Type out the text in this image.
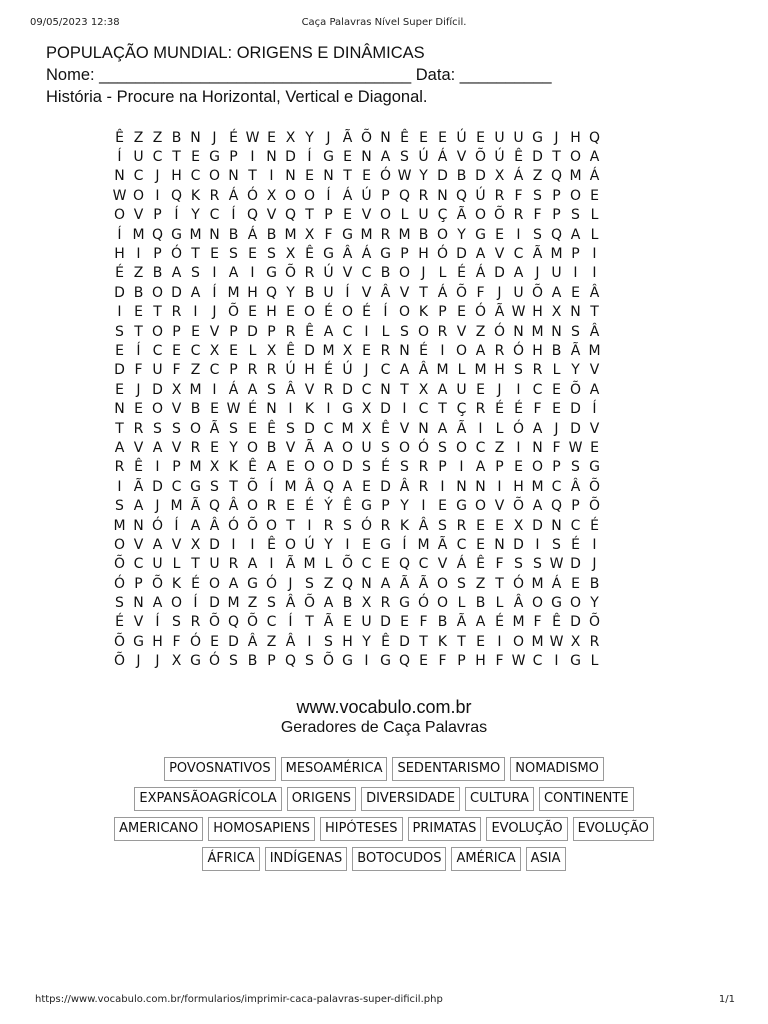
09/05/2023 12:38	Caça Palavras Nível Super Difícil.
POPULAÇÃO MUNDIAL: ORIGENS E DINÂMICAS
Nome: __________________________________ Data: __________
História - Procure na Horizontal, Vertical e Diagonal.
Ê Z Z B N J É W E X Y J Ã Õ N Ê E E Ú E U U G J H Q
Í U C T E G P I N D Í G E N A S Ú Á V Õ Ú Ê D T O A
N C J H C O N T I N E N T E Ó W Y D B D X Á Z Q M Á
W O I Q K R Á Ó X O O Í Á Ú P Q R N Q Ú R F S P O E
O V P Í Y C Í Q V Q T P E V O L U Ç Ã O Õ R F P S L
Í M Q G M N B Á B M X F G M R M B O Y G E I S Q A L
H I P Ó T E S E S X Ê G Â Á G P H Ó D A V C Ã M P I
É Z B A S I A I G Õ R Ú V C B O J L É Á D A J U I	I
D B O D A Í M H Q Y B U Í V Â V T Á Õ F J U Õ A E Â
I E T R I	J Õ E H E O É O É Í O K P E Ó Ã W H X N T
S T O P E V P D P R Ê A C I L S O R V Z Ó N M N S Â
E Í C E C X E L X Ê D M X E R N É I O A R Ó H B Ã M
D F U F Z C P R R Ú H É Ú J C A Â M L M H S R L Y V
E J D X M I Á A S Â V R D C N T X A U E J	I C E Õ A
N E O V B E W É N I K I G X D I C T Ç R É É F E D Í
T R S S O Ã S E Ê S D C M X Ê V N A Ã I L Ó A J D V
A V A V R E Y O B V Ã A O U S O Ó S O C Z I N F W E
R Ê I P M X K Ê A E O O D S É S R P I A P E O P S G
I Ã D C G S T Õ Í M Â Q A E D Â R I N N I H M C Â Õ
S A J M Ã Q Â O R E É Ý Ê G P Y I E G O V Õ A Q P Õ
M N Ó Í A Â Ó Õ O T I R S Ó R K Â S R E E X D N C É
O V A V X D I	I Ê O Ú Y I E G Í M Ã C E N D I S É I
Õ C U L T U R A I Ã M L Õ C E Q C V Á Ê F S S W D J
Ó P Õ K É O A G Ó J S Z Q N A Ã Ã O S Z T Ó M Á E B
S N A O Í D M Z S Â Õ A B X R G Ó O L B L Â O G O Y
É V Í S R Õ Q Õ C Í T Ã E U D E F B Ã A É M F Ê D Õ
Õ G H F Ó E D Â Z Â I S H Y Ê D T K T E I O M W X R
Õ J	J X G Ó S B P Q S Õ G I G Q E F P H F W C I G L
www.vocabulo.com.br
Geradores de Caça Palavras
POVOSNATIVOS	MESOAMÉRICA	SEDENTARISMO	NOMADISMO
EXPANSÃOAGRÍCOLA	ORIGENS	DIVERSIDADE	CULTURA	CONTINENTE
AMERICANO	HOMOSAPIENS	HIPÓTESES	PRIMATAS	EVOLUÇÃO	EVOLUÇÃO
ÁFRICA	INDÍGENAS	BOTOCUDOS	AMÉRICA	ASIA
https://www.vocabulo.com.br/formularios/imprimir-caca-palavras-super-dificil.php	1/1
